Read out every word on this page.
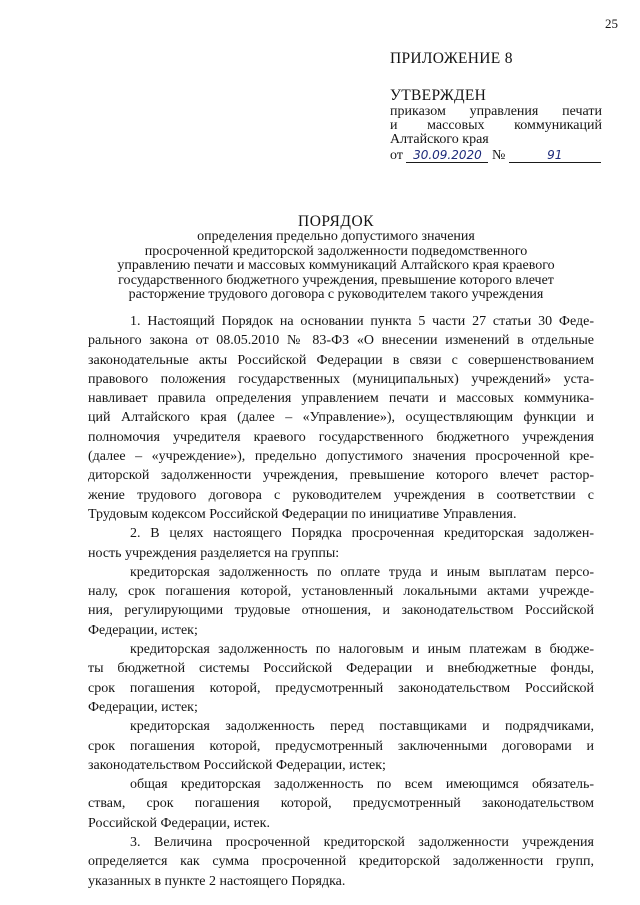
25
ПРИЛОЖЕНИЕ 8
УТВЕРЖДЕН
приказом управления печати
и массовых коммуникаций
Алтайского края
от 30.09.2020 №	91
ПОРЯДОК
определения предельно допустимого значения
просроченной кредиторской задолженности подведомственного
управлению печати и массовых коммуникаций Алтайского края краевого
государственного бюджетного учреждения, превышение которого влечет
расторжение трудового договора с руководителем такого учреждения
1. Настоящий Порядок на основании пункта 5 части 27 статьи 30 Феде-
рального закона от 08.05.2010 № 83-ФЗ «О внесении изменений в отдельные
законодательные акты Российской Федерации в связи с совершенствованием
правового положения государственных (муниципальных) учреждений» уста-
навливает правила определения управлением печати и массовых коммуника-
ций Алтайского края (далее – «Управление»), осуществляющим функции и
полномочия учредителя краевого государственного бюджетного учреждения
(далее – «учреждение»), предельно допустимого значения просроченной кре-
диторской задолженности учреждения, превышение которого влечет растор-
жение трудового договора с руководителем учреждения в соответствии с
Трудовым кодексом Российской Федерации по инициативе Управления.
2. В целях настоящего Порядка просроченная кредиторская задолжен-
ность учреждения разделяется на группы:
кредиторская задолженность по оплате труда и иным выплатам персо-
налу, срок погашения которой, установленный локальными актами учрежде-
ния, регулирующими трудовые отношения, и законодательством Российской
Федерации, истек;
кредиторская задолженность по налоговым и иным платежам в бюдже-
ты бюджетной системы Российской Федерации и внебюджетные фонды,
срок погашения которой, предусмотренный законодательством Российской
Федерации, истек;
кредиторская задолженность перед поставщиками и подрядчиками,
срок погашения которой, предусмотренный заключенными договорами и
законодательством Российской Федерации, истек;
общая кредиторская задолженность по всем имеющимся обязатель-
ствам, срок погашения которой, предусмотренный законодательством
Российской Федерации, истек.
3. Величина просроченной кредиторской задолженности учреждения
определяется как сумма просроченной кредиторской задолженности групп,
указанных в пункте 2 настоящего Порядка.
